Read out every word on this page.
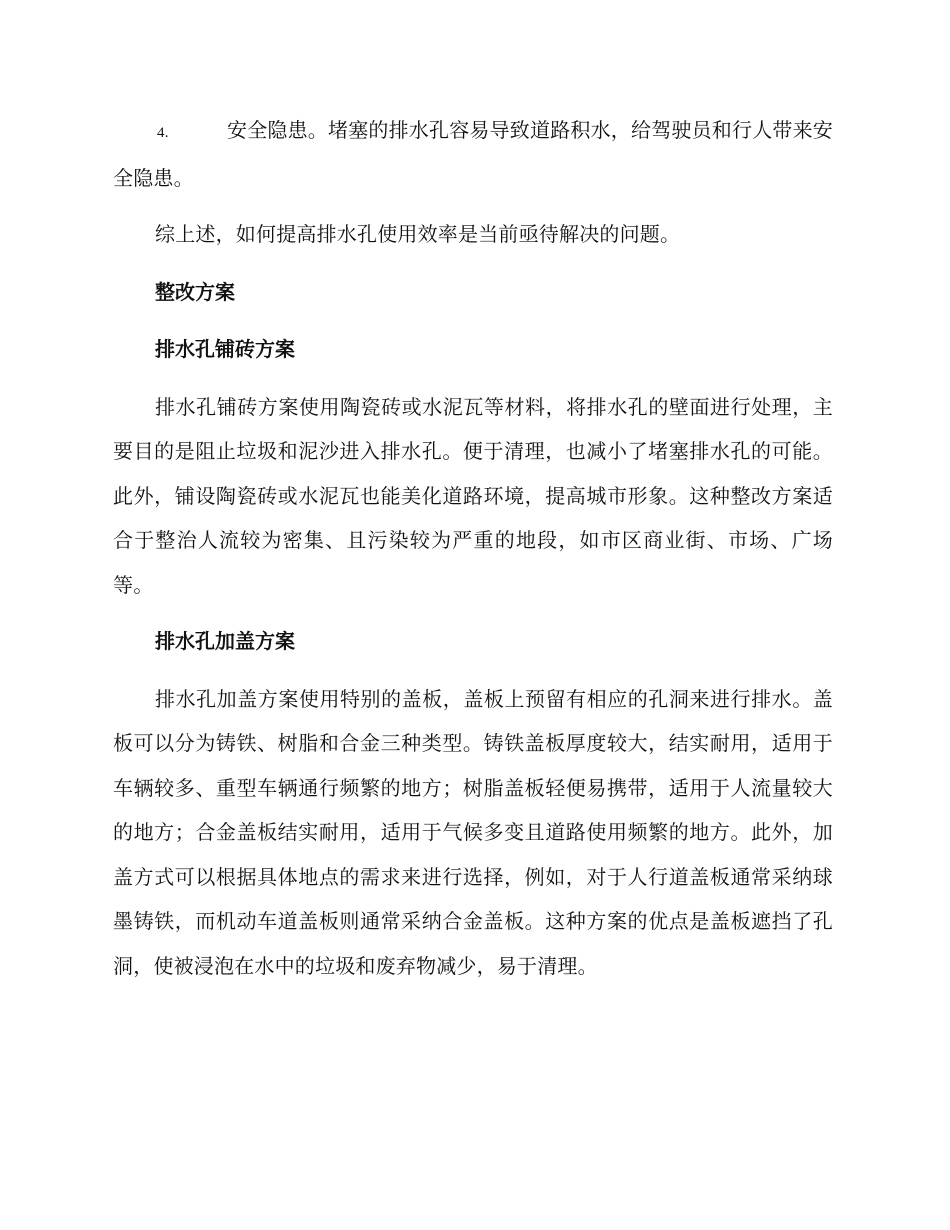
4.	安全隐患。堵塞的排水孔容易导致道路积水，给驾驶员和行人带来安全隐患。

综上述，如何提高排水孔使用效率是当前亟待解决的问题。

整改方案
排水孔铺砖方案

排水孔铺砖方案使用陶瓷砖或水泥瓦等材料，将排水孔的壁面进行处理，主要目的是阻止垃圾和泥沙进入排水孔。便于清理，也减小了堵塞排水孔的可能。此外，铺设陶瓷砖或水泥瓦也能美化道路环境，提高城市形象。这种整改方案适合于整治人流较为密集、且污染较为严重的地段，如市区商业街、市场、广场等。

排水孔加盖方案

排水孔加盖方案使用特别的盖板，盖板上预留有相应的孔洞来进行排水。盖板可以分为铸铁、树脂和合金三种类型。铸铁盖板厚度较大，结实耐用，适用于车辆较多、重型车辆通行频繁的地方；树脂盖板轻便易携带，适用于人流量较大的地方；合金盖板结实耐用，适用于气候多变且道路使用频繁的地方。此外，加盖方式可以根据具体地点的需求来进行选择，例如，对于人行道盖板通常采纳球墨铸铁，而机动车道盖板则通常采纳合金盖板。这种方案的优点是盖板遮挡了孔洞，使被浸泡在水中的垃圾和废弃物减少，易于清理。
